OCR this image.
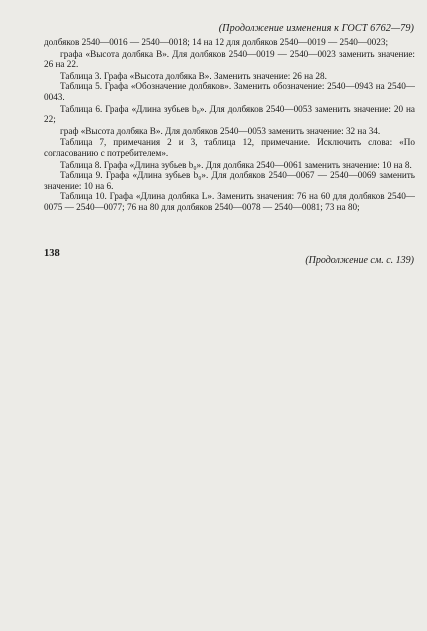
(Продолжение изменения к ГОСТ 6762—79)

долбяков 2540—0016 — 2540—0018; 14 на 12 для долбяков 2540—0019 — 2540—0023;

графа «Высота долбяка В». Для долбяков 2540—0019 — 2540—0023 заменить значение: 26 на 22.

Таблица 3. Графа «Высота долбяка В». Заменить значение: 26 на 28.

Таблица 5. Графа «Обозначение долбяков». Заменить обозначение: 2540—0943 на 2540—0043.

Таблица 6. Графа «Длина зубьев b₀». Для долбяков 2540—0053 заменить значение: 20 на 22;

граф «Высота долбяка В». Для долбяков 2540—0053 заменить значение: 32 на 34.

Таблица 7, примечания 2 и 3, таблица 12, примечание. Исключить слова: «По согласованию с потребителем».

Таблица 8. Графа «Длина зубьев b₀». Для долбяка 2540—0061 заменить значение: 10 на 8.

Таблица 9. Графа «Длина зубьев b₀». Для долбяков 2540—0067 — 2540—0069 заменить значение: 10 на 6.

Таблица 10. Графа «Длина долбяка L». Заменить значения: 76 на 60 для долбяков 2540—0075 — 2540—0077; 76 на 80 для долбяков 2540—0078 — 2540—0081; 73 на 80;

(Продолжение см. с. 139)
138
